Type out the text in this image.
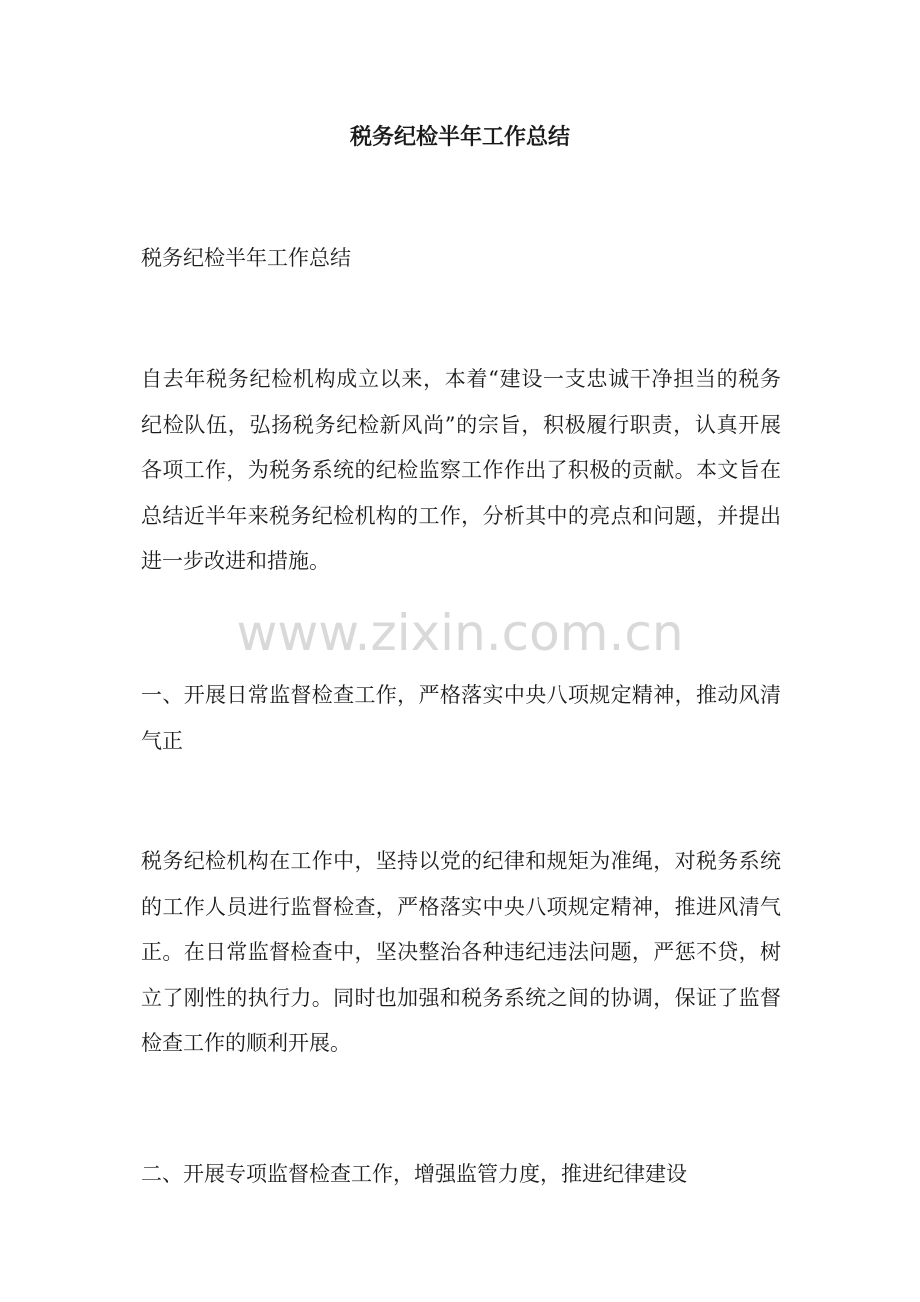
税务纪检半年工作总结
税务纪检半年工作总结
自去年税务纪检机构成立以来，本着“建设一支忠诚干净担当的税务纪检队伍，弘扬税务纪检新风尚”的宗旨，积极履行职责，认真开展各项工作，为税务系统的纪检监察工作作出了积极的贡献。本文旨在总结近半年来税务纪检机构的工作，分析其中的亮点和问题，并提出进一步改进和措施。
www.zixin.com.cn
一、开展日常监督检查工作，严格落实中央八项规定精神，推动风清气正
税务纪检机构在工作中，坚持以党的纪律和规矩为准绳，对税务系统的工作人员进行监督检查，严格落实中央八项规定精神，推进风清气正。在日常监督检查中，坚决整治各种违纪违法问题，严惩不贷，树立了刚性的执行力。同时也加强和税务系统之间的协调，保证了监督检查工作的顺利开展。
二、开展专项监督检查工作，增强监管力度，推进纪律建设
